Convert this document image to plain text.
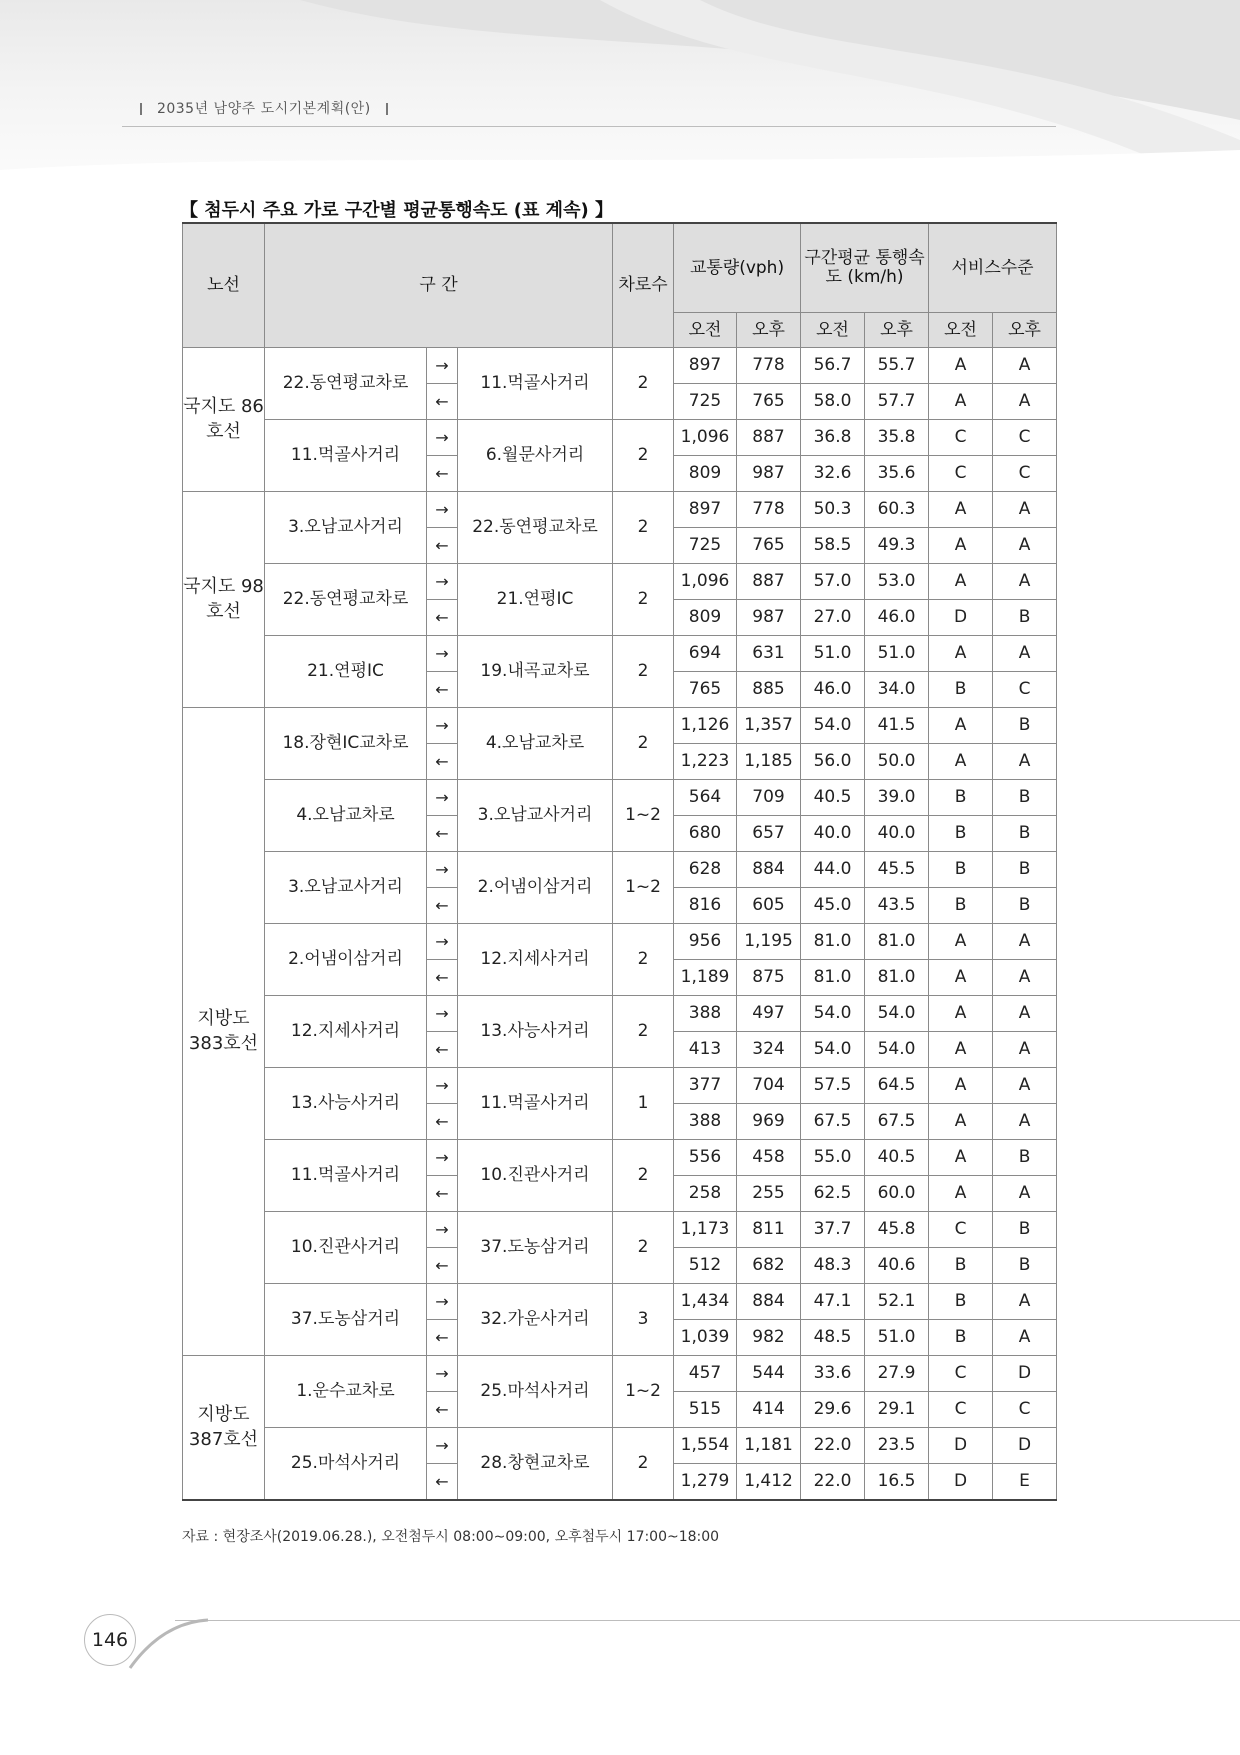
2035년 남양주 도시기본계획(안)
【 첨두시 주요 가로 구간별 평균통행속도 (표 계속) 】
노선	구 간			차로수	교통량(vph)		구간평균 통행속도 (km/h)		서비스수준	
					오전	오후	오전	오후	오전	오후
국지도 86호선	22.동연평교차로	→	11.먹골사거리	2	897	778	56.7	55.7	A	A
		←			725	765	58.0	57.7	A	A
	11.먹골사거리	→	6.월문사거리	2	1,096	887	36.8	35.8	C	C
		←			809	987	32.6	35.6	C	C
국지도 98호선	3.오남교사거리	→	22.동연평교차로	2	897	778	50.3	60.3	A	A
		←			725	765	58.5	49.3	A	A
	22.동연평교차로	→	21.연평IC	2	1,096	887	57.0	53.0	A	A
		←			809	987	27.0	46.0	D	B
	21.연평IC	→	19.내곡교차로	2	694	631	51.0	51.0	A	A
		←			765	885	46.0	34.0	B	C
지방도 383호선	18.장현IC교차로	→	4.오남교차로	2	1,126	1,357	54.0	41.5	A	B
		←			1,223	1,185	56.0	50.0	A	A
	4.오남교차로	→	3.오남교사거리	1~2	564	709	40.5	39.0	B	B
		←			680	657	40.0	40.0	B	B
	3.오남교사거리	→	2.어냄이삼거리	1~2	628	884	44.0	45.5	B	B
		←			816	605	45.0	43.5	B	B
	2.어냄이삼거리	→	12.지세사거리	2	956	1,195	81.0	81.0	A	A
		←			1,189	875	81.0	81.0	A	A
	12.지세사거리	→	13.사능사거리	2	388	497	54.0	54.0	A	A
		←			413	324	54.0	54.0	A	A
	13.사능사거리	→	11.먹골사거리	1	377	704	57.5	64.5	A	A
		←			388	969	67.5	67.5	A	A
	11.먹골사거리	→	10.진관사거리	2	556	458	55.0	40.5	A	B
		←			258	255	62.5	60.0	A	A
	10.진관사거리	→	37.도농삼거리	2	1,173	811	37.7	45.8	C	B
		←			512	682	48.3	40.6	B	B
	37.도농삼거리	→	32.가운사거리	3	1,434	884	47.1	52.1	B	A
		←			1,039	982	48.5	51.0	B	A
지방도 387호선	1.운수교차로	→	25.마석사거리	1~2	457	544	33.6	27.9	C	D
		←			515	414	29.6	29.1	C	C
	25.마석사거리	→	28.창현교차로	2	1,554	1,181	22.0	23.5	D	D
		←			1,279	1,412	22.0	16.5	D	E
자료 : 현장조사(2019.06.28.), 오전첨두시 08:00∼09:00, 오후첨두시 17:00~18:00
146
